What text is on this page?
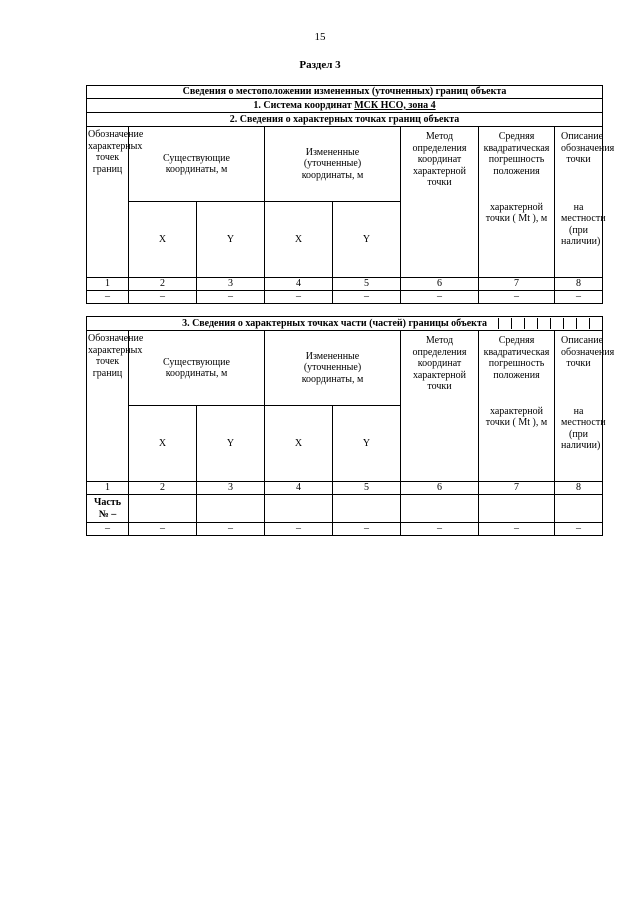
15
Раздел 3
Сведения о местоположении измененных (уточненных) границ объекта							
1. Система координат МСК НСО, зона 4							
2. Сведения о характерных точках границ объекта							
Обозначение характерных точек границ	Существующие координаты, м		Измененные (уточненные) координаты, м		Метод определения координат характерной точки	Средняя квадратическая погрешность положения	Описание обозначения точки
	X	Y	X	Y		характерной точки ( Mt ), м	на местности (при наличии)
1	2	3	4	5	6	7	8
–	–	–	–	–	–	–	–
3. Сведения о характерных точках части (частей) границы объекта							

Обозначение характерных точек границ	Существующие координаты, м		Измененные (уточненные) координаты, м		Метод определения координат характерной точки	Средняя квадратическая погрешность положения	Описание обозначения точки
	X	Y	X	Y		характерной точки ( Mt ), м	на местности (при наличии)
1	2	3	4	5	6	7	8
Часть № –							
–	–	–	–	–	–	–	–
